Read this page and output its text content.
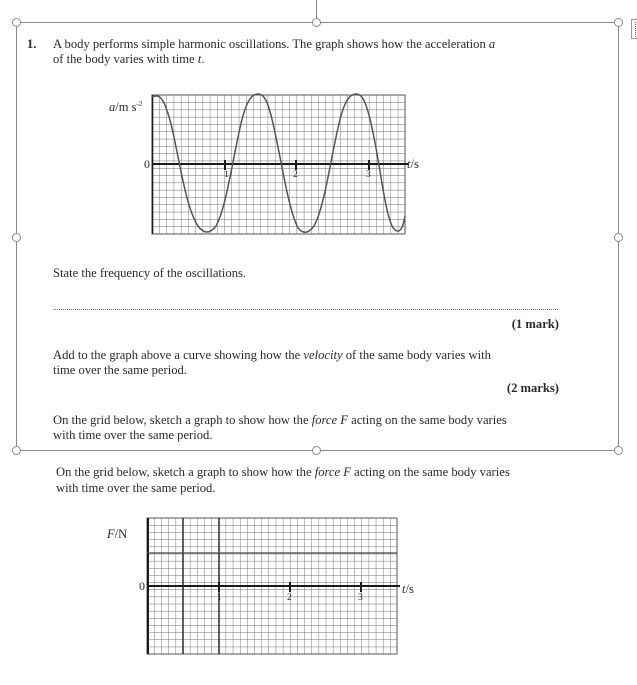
1. A body performs simple harmonic oscillations. The graph shows how the acceleration a
of the body varies with time t.
a/m $s^{-2}$
0	t/s
1	2	3
State the frequency of the oscillations.
(1 mark)
Add to the graph above a curve showing how the velocity of the same body varies with
time over the same period.
(2 marks)
On the grid below, sketch a graph to show how the force F acting on the same body varies
with time over the same period.
On the grid below, sketch a graph to show how the force F acting on the same body varies
with time over the same period.
F/N
0	t/s
1	2	3
